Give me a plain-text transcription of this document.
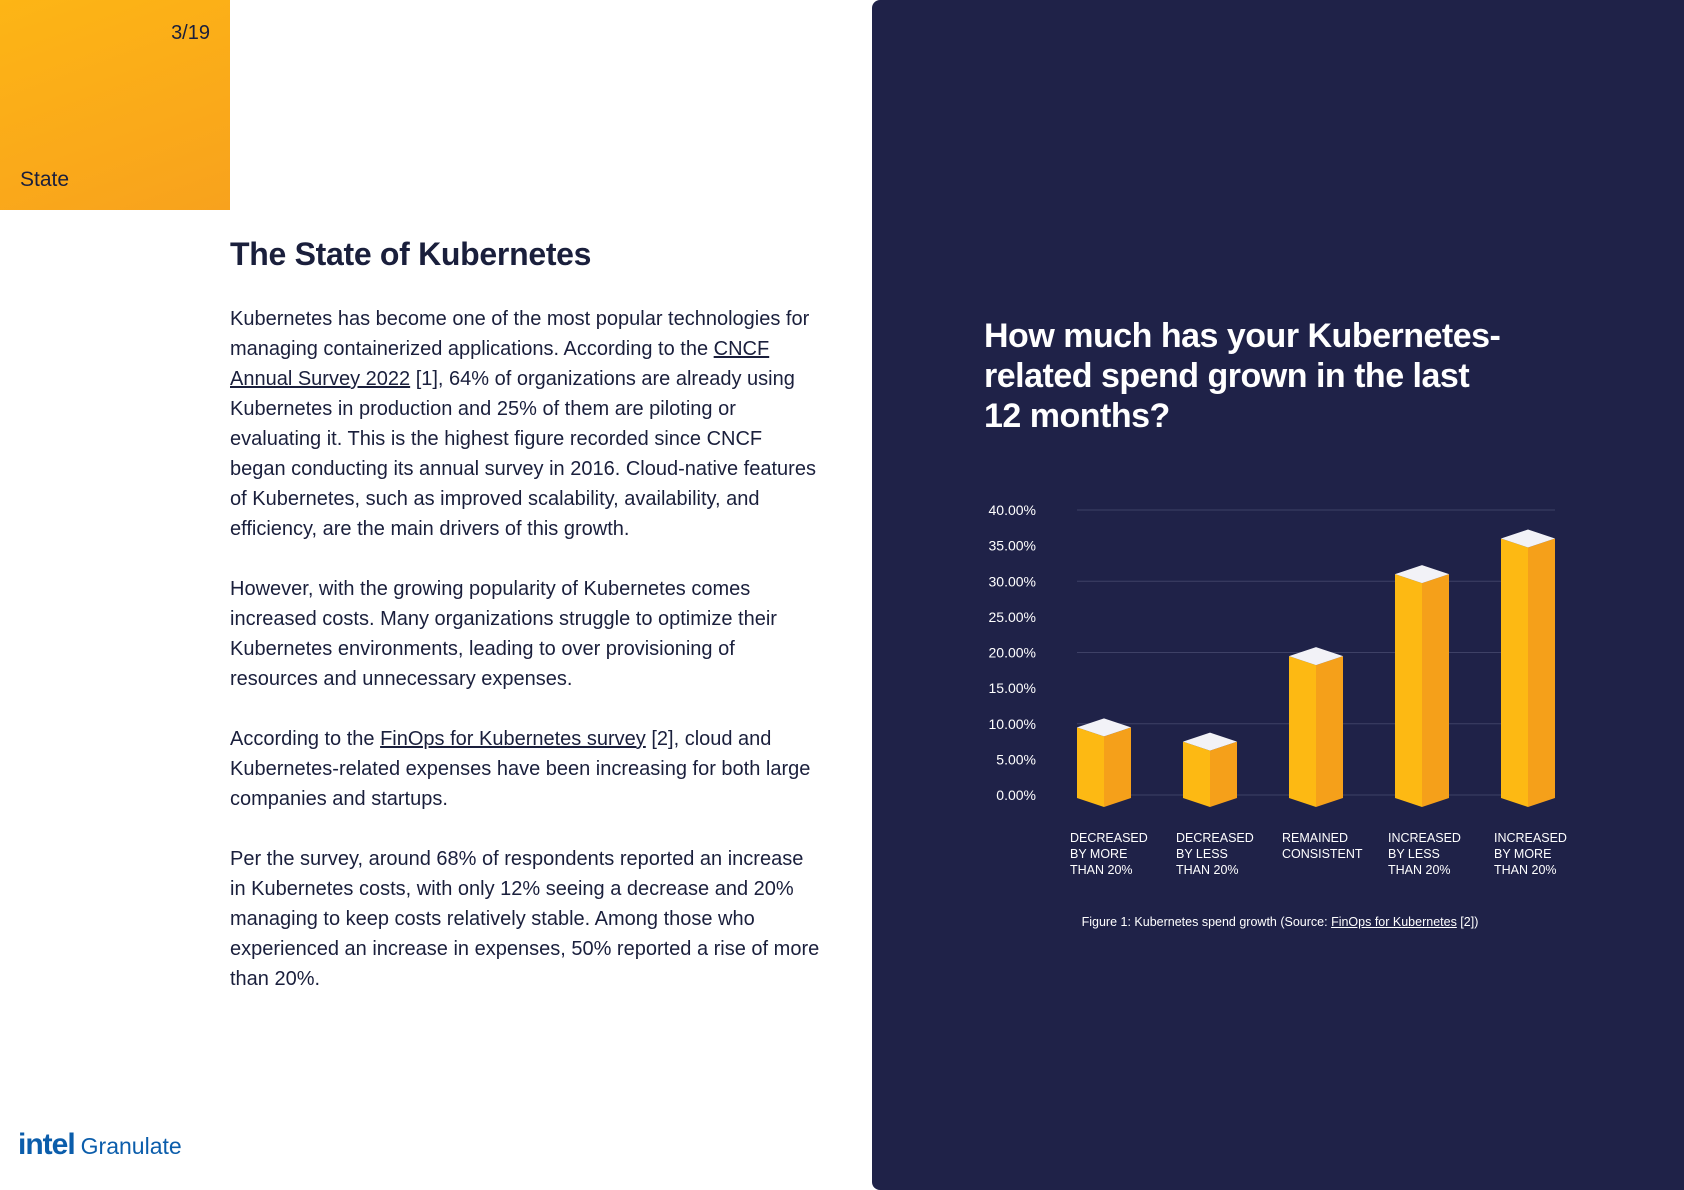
3/19
State
The State of Kubernetes

Kubernetes has become one of the most popular technologies for managing containerized applications. According to the CNCF Annual Survey 2022 [1], 64% of organizations are already using Kubernetes in production and 25% of them are piloting or evaluating it. This is the highest figure recorded since CNCF began conducting its annual survey in 2016. Cloud-native features of Kubernetes, such as improved scalability, availability, and efficiency, are the main drivers of this growth.

However, with the growing popularity of Kubernetes comes increased costs. Many organizations struggle to optimize their Kubernetes environments, leading to over provisioning of resources and unnecessary expenses.

According to the FinOps for Kubernetes survey [2], cloud and Kubernetes-related expenses have been increasing for both large companies and startups.

Per the survey, around 68% of respondents reported an increase in Kubernetes costs, with only 12% seeing a decrease and 20% managing to keep costs relatively stable. Among those who experienced an increase in expenses, 50% reported a rise of more than 20%.

intel Granulate
How much has your Kubernetes-related spend grown in the last 12 months?
0.00%
5.00%
10.00%
15.00%
20.00%
25.00%
30.00%
35.00%
40.00%
DECREASED
BY MORE
THAN 20%
DECREASED
BY LESS
THAN 20%
REMAINED
CONSISTENT
INCREASED
BY LESS
THAN 20%
INCREASED
BY MORE
THAN 20%
Figure 1: Kubernetes spend growth (Source: FinOps for Kubernetes [2])
